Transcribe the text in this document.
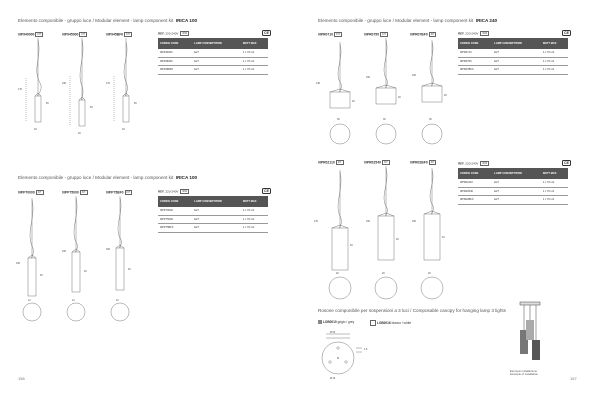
Elemento componibile - gruppo luce / Modular element - lamp component kit IRICA 100
0IP940000 KIT	0IP945000 KIT	0IP945BF0 KIT
170
50
190
50
170
50
20
20
20
CE
REF. 220-240V IP20
CODICE CODE	LAMP CONVERTITORI	WATT MAX
0IP940000	E27	1 x 70 mb
0IP945000	E27	1 x 70 mb
0IP945BF0	E27	1 x 70 mb
Elemento componibile - gruppo luce / Modular element - lamp component kit IRICA 100
0IPP70000 KIT	0IPP75000 KIT	0IPP75BF0 KIT
150
40
150
40
150
40
12	12	12
CE
REF. 220-240V IP20
CODICE CODE	LAMP CONVERTITORI	WATT MAX
0IPP70000	E27	1 x 70 mb
0IPP75000	E27	1 x 70 mb
0IPP75BF0	E27	1 x 70 mb
156
Elemento componibile - gruppo luce / Modular element - lamp component kit IRICA 240
0IPR0710 KIT	0IPR0750 KIT	0IPR07BF0 KIT
140
20
150
20
150
20
30	30	30
CE
REF. 220-240V IP20
CODICE CODE	LAMP CONVERTITORI	WATT MAX
0IPR0710	E27	1 x 70 mb
0IPR0750	E27	1 x 70 mb
0IPR07BF0	E27	1 x 70 mb
0IPR02110 KIT	0IPR02540 KIT	0IPR02BF0 KIT
170
40
150
40
150
40
20	20	20
CE
REF. 220-240V IP20
CODICE CODE	LAMP CONVERTITORI	WATT MAX
0IPR02110	E27	1 x 70 mb
0IPR02540	E27	1 x 70 mb
0IPR02BF0	E27	1 x 70 mb
Rosone componibile per sospensioni a 3 luci / Composable canopy for hanging lamp 3 lights
LOB0010 grigio / grey	LOB0016 bianco / white
Ø 50
Ø 40
4.5
Esempio installazione
Example of installation
157
